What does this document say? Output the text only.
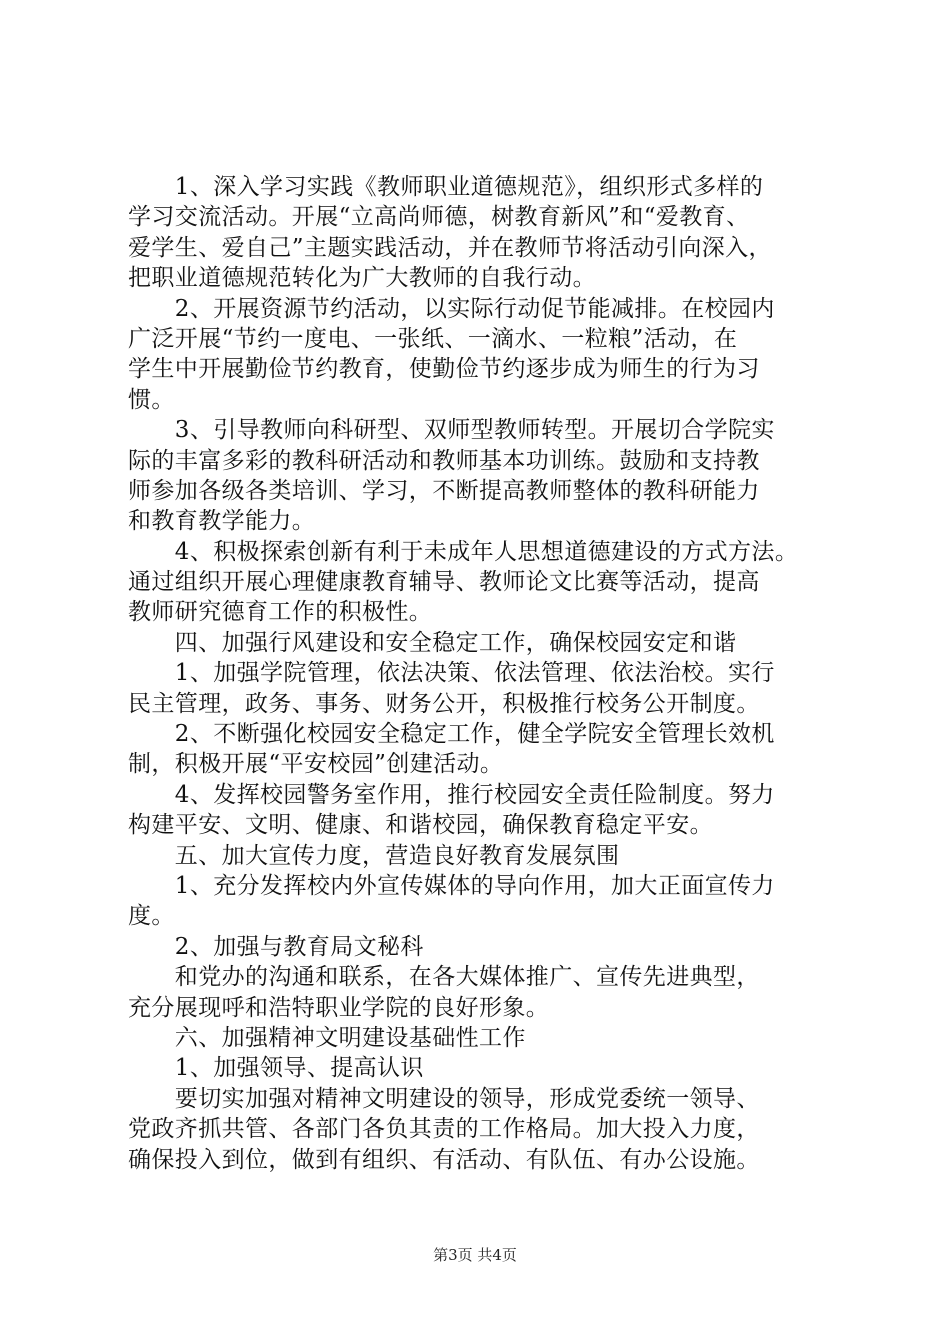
　　1、深入学习实践《教师职业道德规范》，组织形式多样的
学习交流活动。开展“立高尚师德，树教育新风”和“爱教育、
爱学生、爱自己”主题实践活动，并在教师节将活动引向深入，
把职业道德规范转化为广大教师的自我行动。
　　2、开展资源节约活动，以实际行动促节能减排。在校园内
广泛开展“节约一度电、一张纸、一滴水、一粒粮”活动，在
学生中开展勤俭节约教育，使勤俭节约逐步成为师生的行为习
惯。
　　3、引导教师向科研型、双师型教师转型。开展切合学院实
际的丰富多彩的教科研活动和教师基本功训练。鼓励和支持教
师参加各级各类培训、学习，不断提高教师整体的教科研能力
和教育教学能力。
　　4、积极探索创新有利于未成年人思想道德建设的方式方法。
通过组织开展心理健康教育辅导、教师论文比赛等活动，提高
教师研究德育工作的积极性。
　　四、加强行风建设和安全稳定工作，确保校园安定和谐
　　1、加强学院管理，依法决策、依法管理、依法治校。实行
民主管理，政务、事务、财务公开，积极推行校务公开制度。
　　2、不断强化校园安全稳定工作，健全学院安全管理长效机
制，积极开展“平安校园”创建活动。
　　4、发挥校园警务室作用，推行校园安全责任险制度。努力
构建平安、文明、健康、和谐校园，确保教育稳定平安。
　　五、加大宣传力度，营造良好教育发展氛围
　　1、充分发挥校内外宣传媒体的导向作用，加大正面宣传力
度。
　　2、加强与教育局文秘科
　　和党办的沟通和联系，在各大媒体推广、宣传先进典型，
充分展现呼和浩特职业学院的良好形象。
　　六、加强精神文明建设基础性工作
　　1、加强领导、提高认识
　　要切实加强对精神文明建设的领导，形成党委统一领导、
党政齐抓共管、各部门各负其责的工作格局。加大投入力度，
确保投入到位，做到有组织、有活动、有队伍、有办公设施。
第3页 共4页
